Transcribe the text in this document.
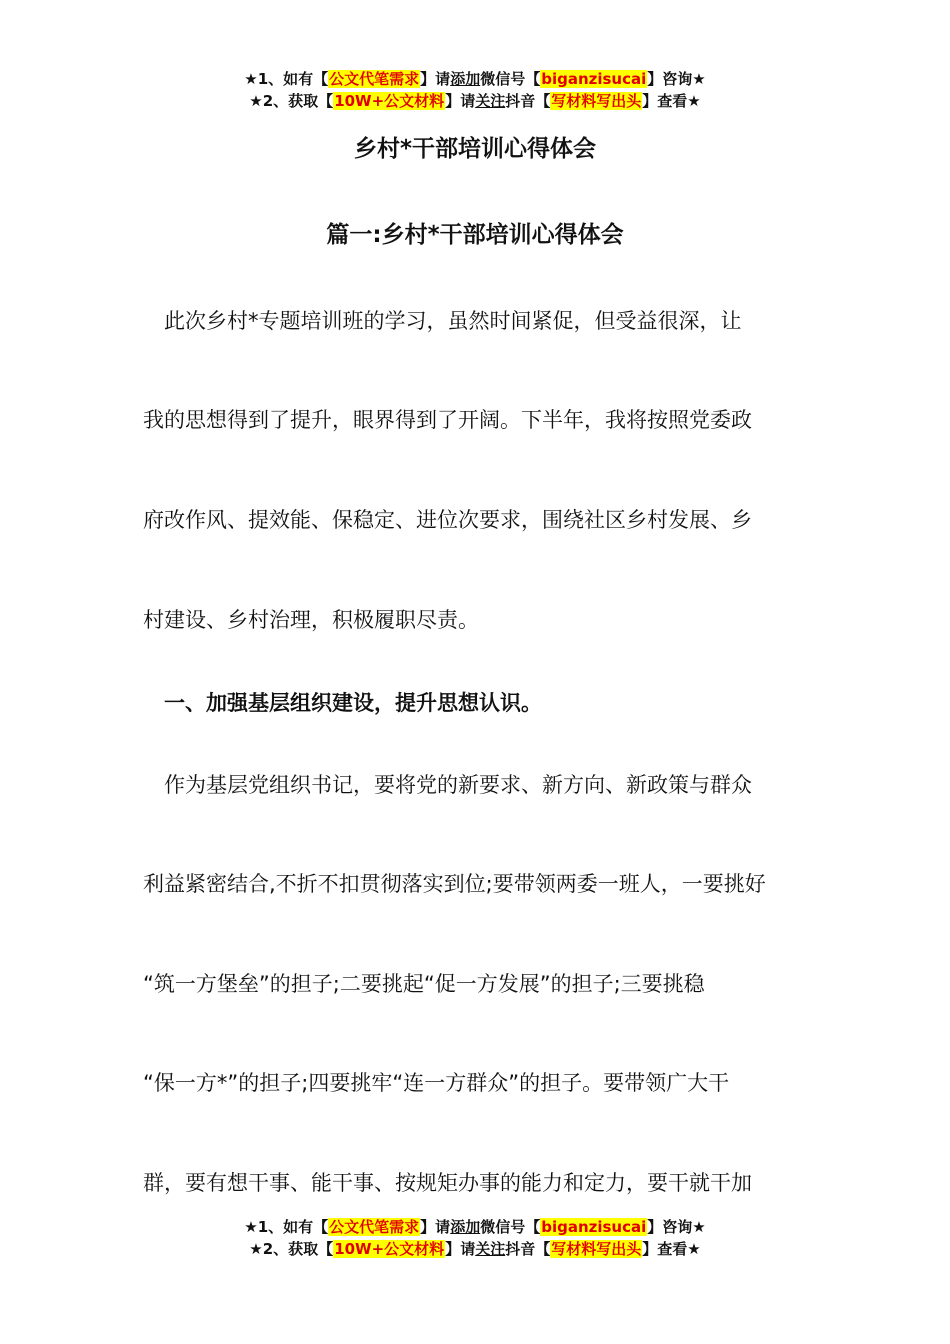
★1、如有【公文代笔需求】请添加微信号【biganzisucai】咨询★
★2、获取【10W+公文材料】请关注抖音【写材料写出头】查看★
乡村*干部培训心得体会
篇一:乡村*干部培训心得体会
　此次乡村*专题培训班的学习，虽然时间紧促，但受益很深，让
我的思想得到了提升，眼界得到了开阔。下半年，我将按照党委政
府改作风、提效能、保稳定、进位次要求，围绕社区乡村发展、乡
村建设、乡村治理，积极履职尽责。
　一、加强基层组织建设，提升思想认识。
　作为基层党组织书记，要将党的新要求、新方向、新政策与群众
利益紧密结合,不折不扣贯彻落实到位;要带领两委一班人，一要挑好
“筑一方堡垒”的担子;二要挑起“促一方发展”的担子;三要挑稳
“保一方*”的担子;四要挑牢“连一方群众”的担子。要带领广大干
群，要有想干事、能干事、按规矩办事的能力和定力，要干就干加
★1、如有【公文代笔需求】请添加微信号【biganzisucai】咨询★
★2、获取【10W+公文材料】请关注抖音【写材料写出头】查看★
